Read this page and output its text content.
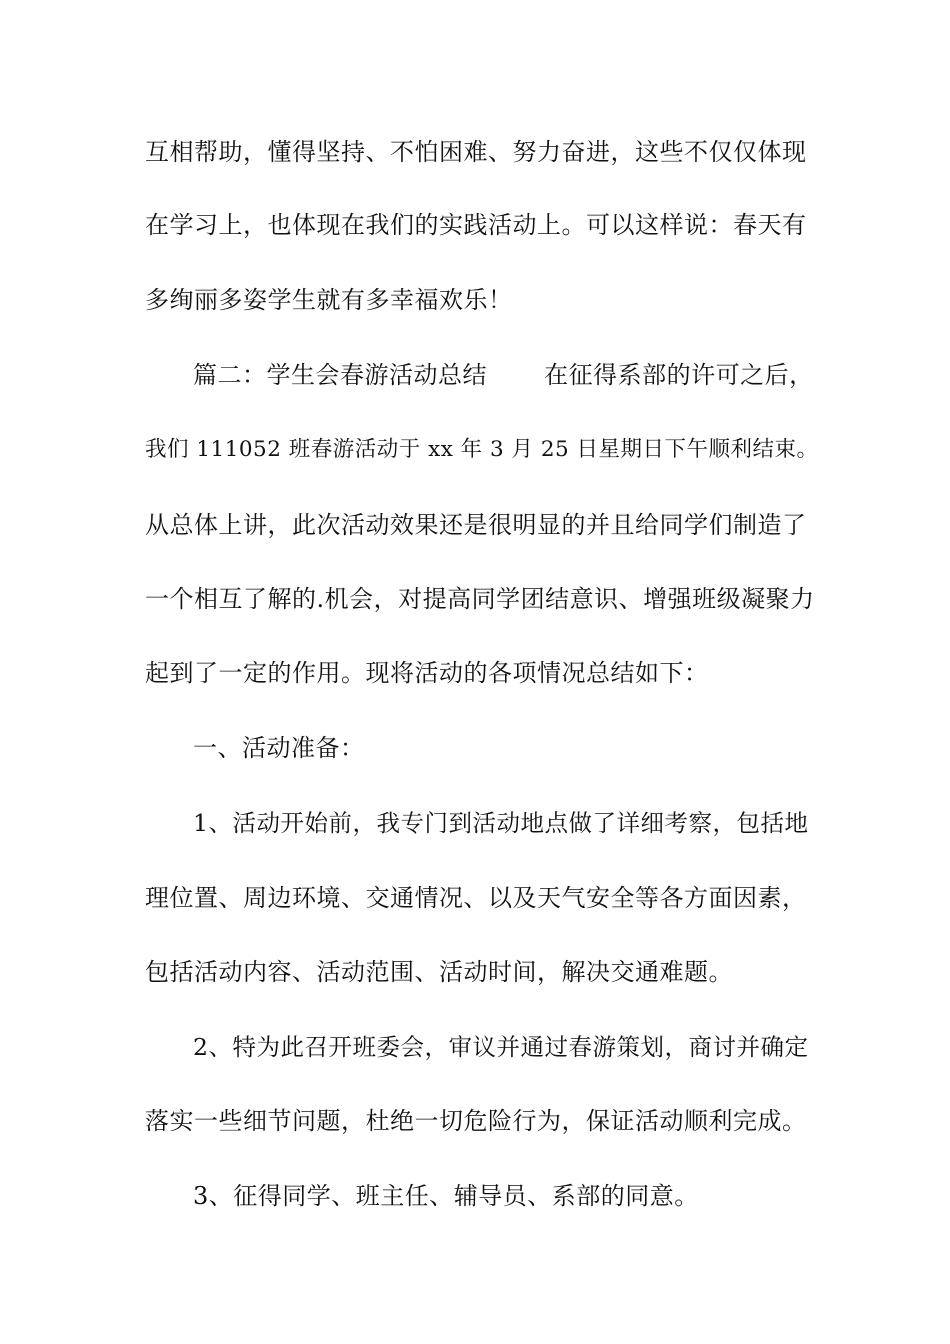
互相帮助，懂得坚持、不怕困难、努力奋进，这些不仅仅体现
在学习上，也体现在我们的实践活动上。可以这样说：春天有
多绚丽多姿学生就有多幸福欢乐！
篇二：学生会春游活动总结　　 在征得系部的许可之后，
我们 111052 班春游活动于 xx 年 3 月 25 日星期日下午顺利结束。
从总体上讲，此次活动效果还是很明显的并且给同学们制造了
一个相互了解的.机会，对提高同学团结意识、增强班级凝聚力
起到了一定的作用。现将活动的各项情况总结如下：
一、活动准备：
1、活动开始前，我专门到活动地点做了详细考察，包括地
理位置、周边环境、交通情况、以及天气安全等各方面因素，
包括活动内容、活动范围、活动时间，解决交通难题。
2、特为此召开班委会，审议并通过春游策划，商讨并确定
落实一些细节问题，杜绝一切危险行为，保证活动顺利完成。
3、征得同学、班主任、辅导员、系部的同意。
